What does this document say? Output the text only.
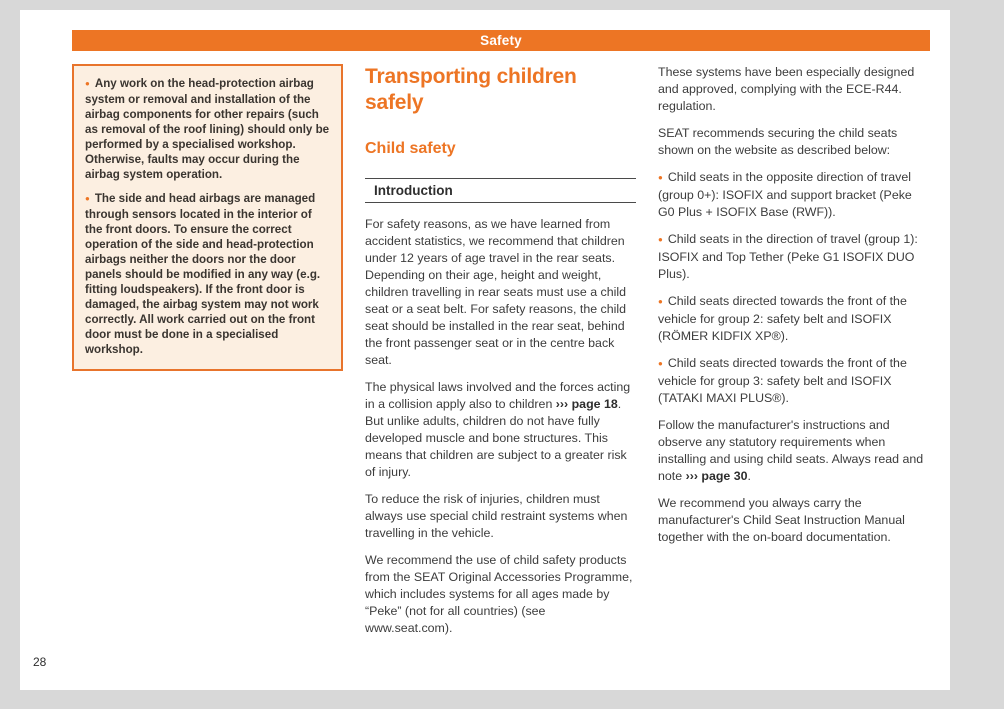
Safety
● Any work on the head-protection airbag system or removal and installation of the airbag components for other repairs (such as removal of the roof lining) should only be performed by a specialised workshop. Otherwise, faults may occur during the airbag system operation.
● The side and head airbags are managed through sensors located in the interior of the front doors. To ensure the correct operation of the side and head-protection airbags neither the doors nor the door panels should be modified in any way (e.g. fitting loudspeakers). If the front door is damaged, the airbag system may not work correctly. All work carried out on the front door must be done in a specialised workshop.
Transporting children safely
Child safety
Introduction

For safety reasons, as we have learned from accident statistics, we recommend that children under 12 years of age travel in the rear seats. Depending on their age, height and weight, children travelling in rear seats must use a child seat or a seat belt. For safety reasons, the child seat should be installed in the rear seat, behind the front passenger seat or in the centre back seat.

The physical laws involved and the forces acting in a collision apply also to children ››› page 18. But unlike adults, children do not have fully developed muscle and bone structures. This means that children are subject to a greater risk of injury.

To reduce the risk of injuries, children must always use special child restraint systems when travelling in the vehicle.

We recommend the use of child safety products from the SEAT Original Accessories Programme, which includes systems for all ages made by “Peke” (not for all countries) (see www.seat.com).

These systems have been especially designed and approved, complying with the ECE-R44. regulation.

SEAT recommends securing the child seats shown on the website as described below:

● Child seats in the opposite direction of travel (group 0+): ISOFIX and support bracket (Peke G0 Plus + ISOFIX Base (RWF)).

● Child seats in the direction of travel (group 1): ISOFIX and Top Tether (Peke G1 ISOFIX DUO Plus).

● Child seats directed towards the front of the vehicle for group 2: safety belt and ISOFIX (RÖMER KIDFIX XP®).

● Child seats directed towards the front of the vehicle for group 3: safety belt and ISOFIX (TATAKI MAXI PLUS®).

Follow the manufacturer's instructions and observe any statutory requirements when installing and using child seats. Always read and note ››› page 30.

We recommend you always carry the manufacturer's Child Seat Instruction Manual together with the on-board documentation.

28
